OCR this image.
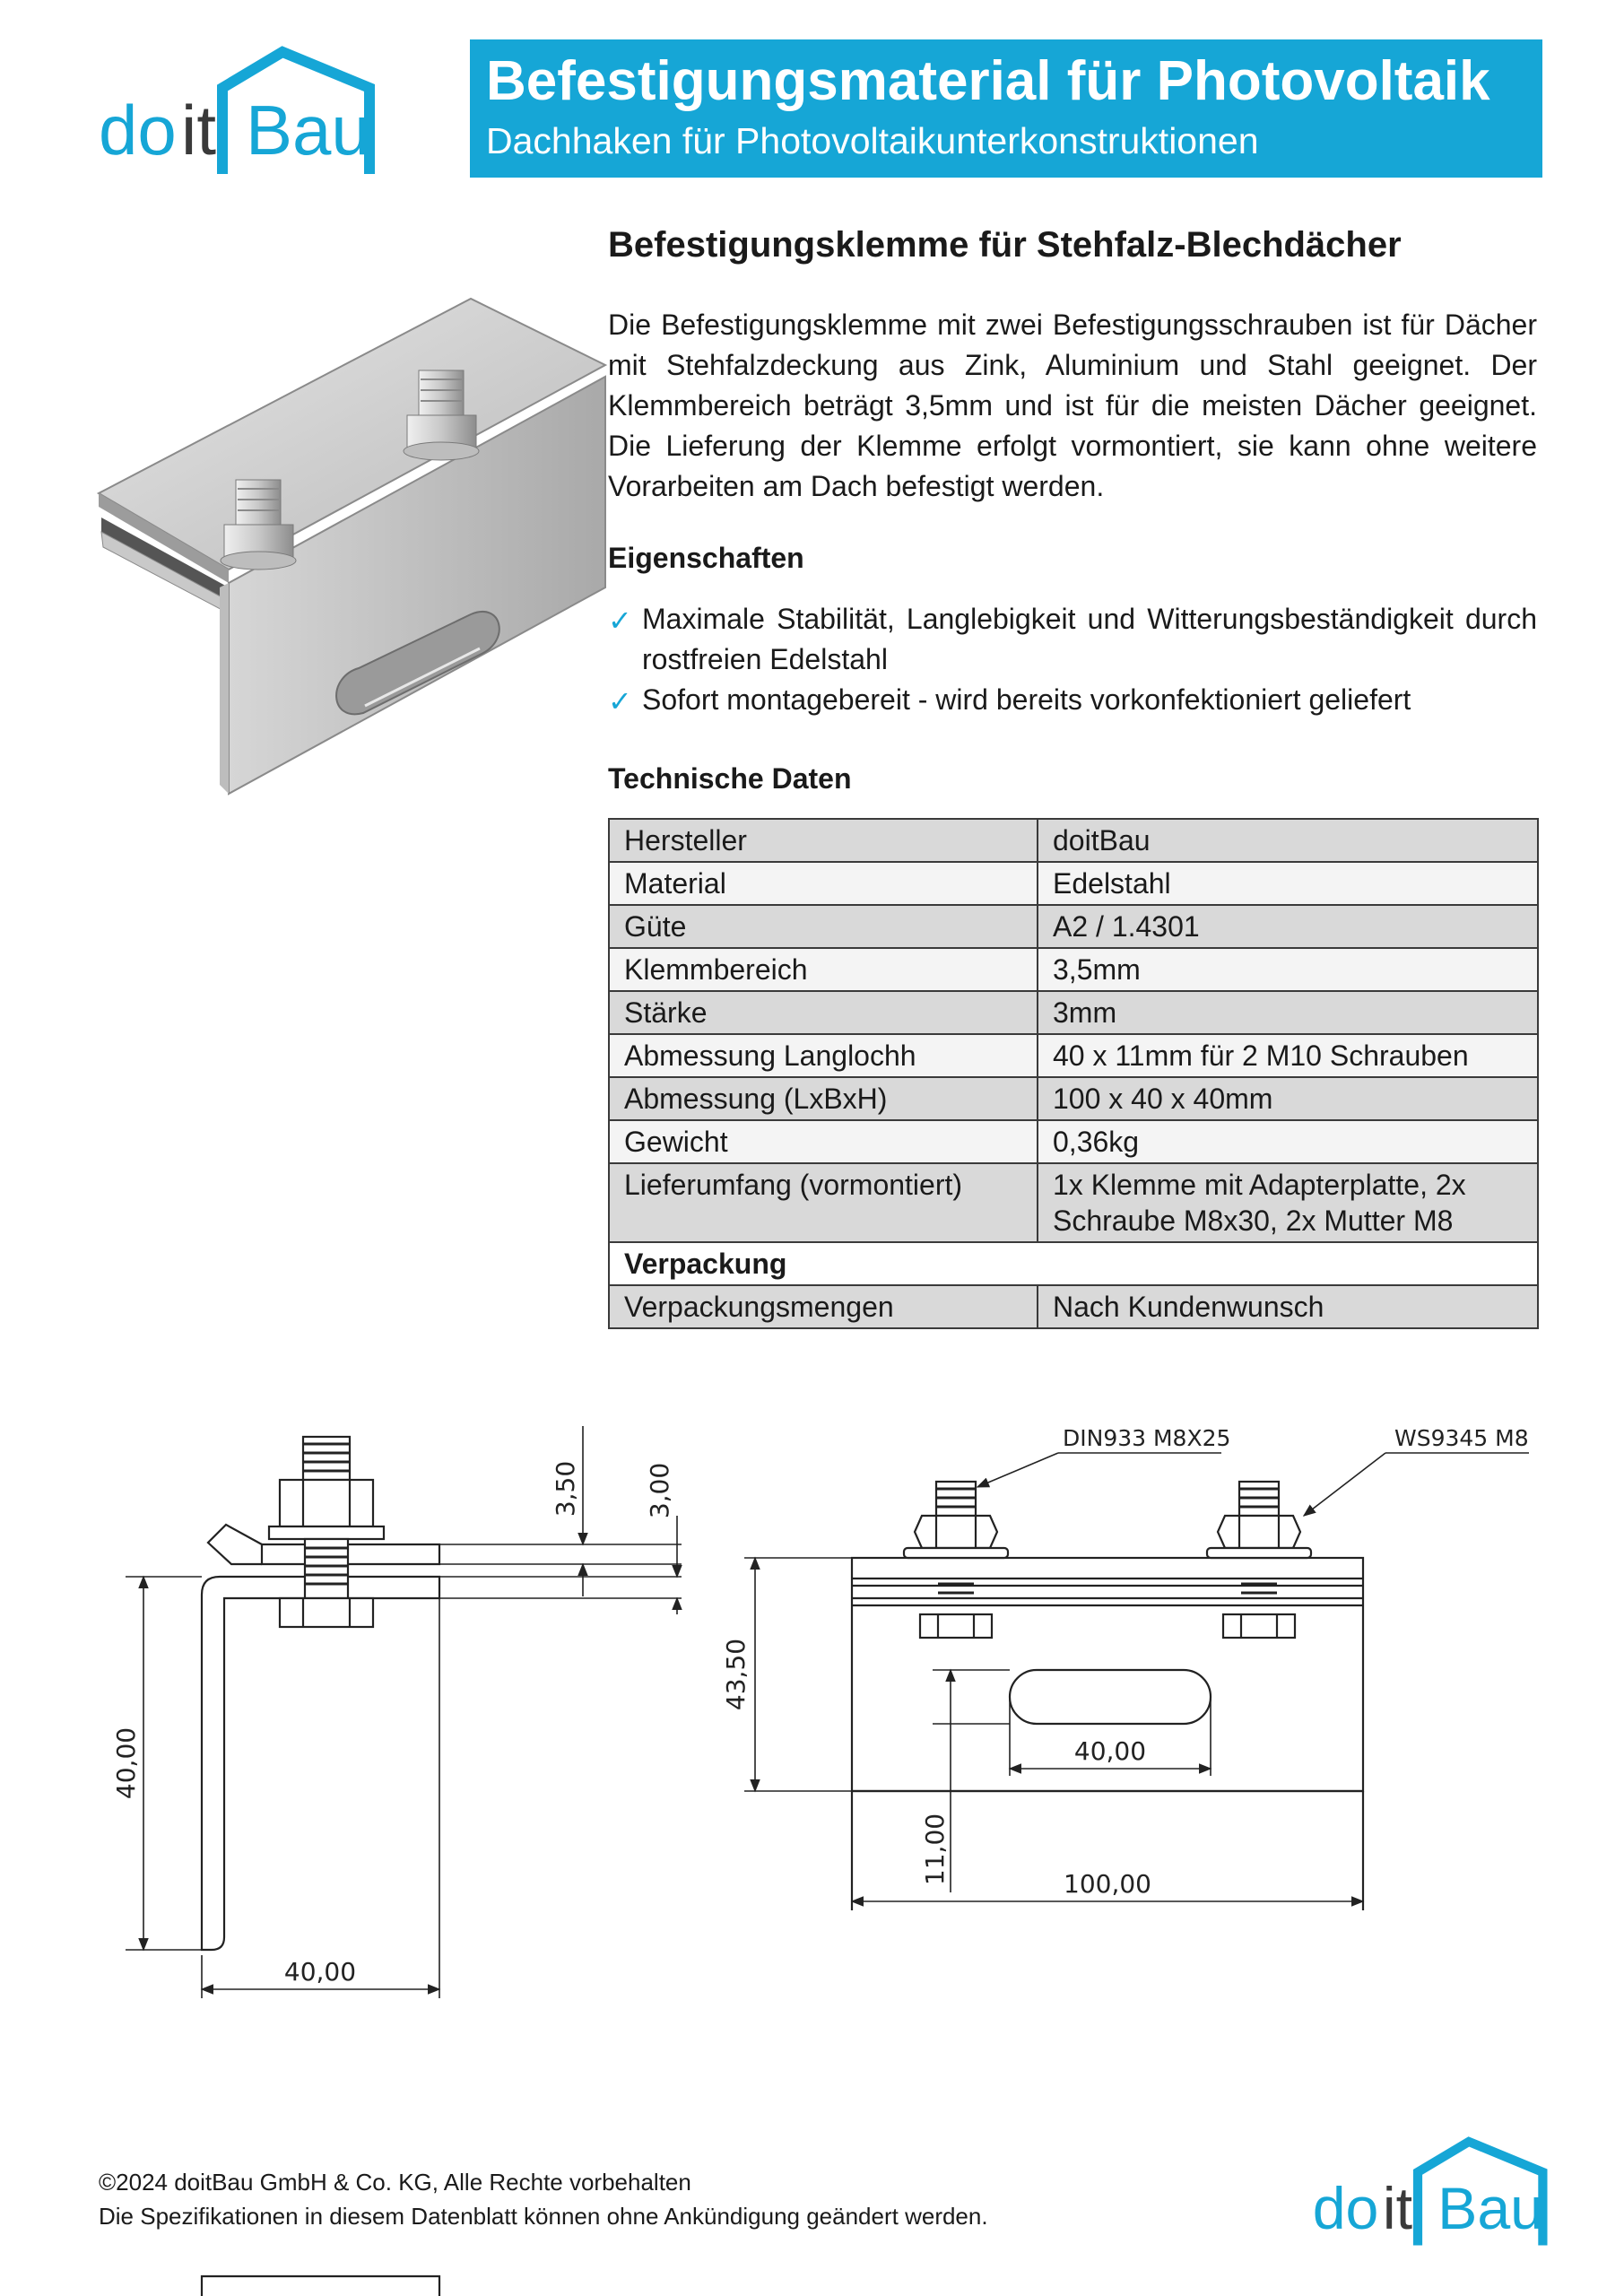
do it Bau
Befestigungsmaterial für Photovoltaik
Dachhaken für Photovoltaikunterkonstruktionen
Befestigungsklemme für Stehfalz-Blechdächer
Die Befestigungsklemme mit zwei Befestigungsschrauben ist für Dächer mit Stehfalzdeckung aus Zink, Aluminium und Stahl geeignet. Der Klemmbereich beträgt 3,5mm und ist für die meisten Dächer geeignet. Die Lieferung der Klemme erfolgt vormontiert, sie kann ohne weitere Vorarbeiten am Dach befestigt werden.
Eigenschaften
✓ Maximale Stabilität, Langlebigkeit und Witterungsbeständigkeit durch rostfreien Edelstahl
✓ Sofort montagebereit - wird bereits vorkonfektioniert geliefert
Technische Daten
Hersteller	doitBau
Material	Edelstahl
Güte	A2 / 1.4301
Klemmbereich	3,5mm
Stärke	3mm
Abmessung Langlochh	40 x 11mm für 2 M10 Schrauben
Abmessung (LxBxH)	100 x 40 x 40mm
Gewicht	0,36kg
Lieferumfang (vormontiert)	1x Klemme mit Adapterplatte, 2x Schraube M8x30, 2x Mutter M8
Verpackung	
Verpackungsmengen	Nach Kundenwunsch
3,50	3,00
40,00
40,00
43,50
40,00
11,00	100,00
DIN933 M8X25	WS9345 M8
©2024 doitBau GmbH & Co. KG, Alle Rechte vorbehalten
Die Spezifikationen in diesem Datenblatt können ohne Ankündigung geändert werden.	do it Bau
